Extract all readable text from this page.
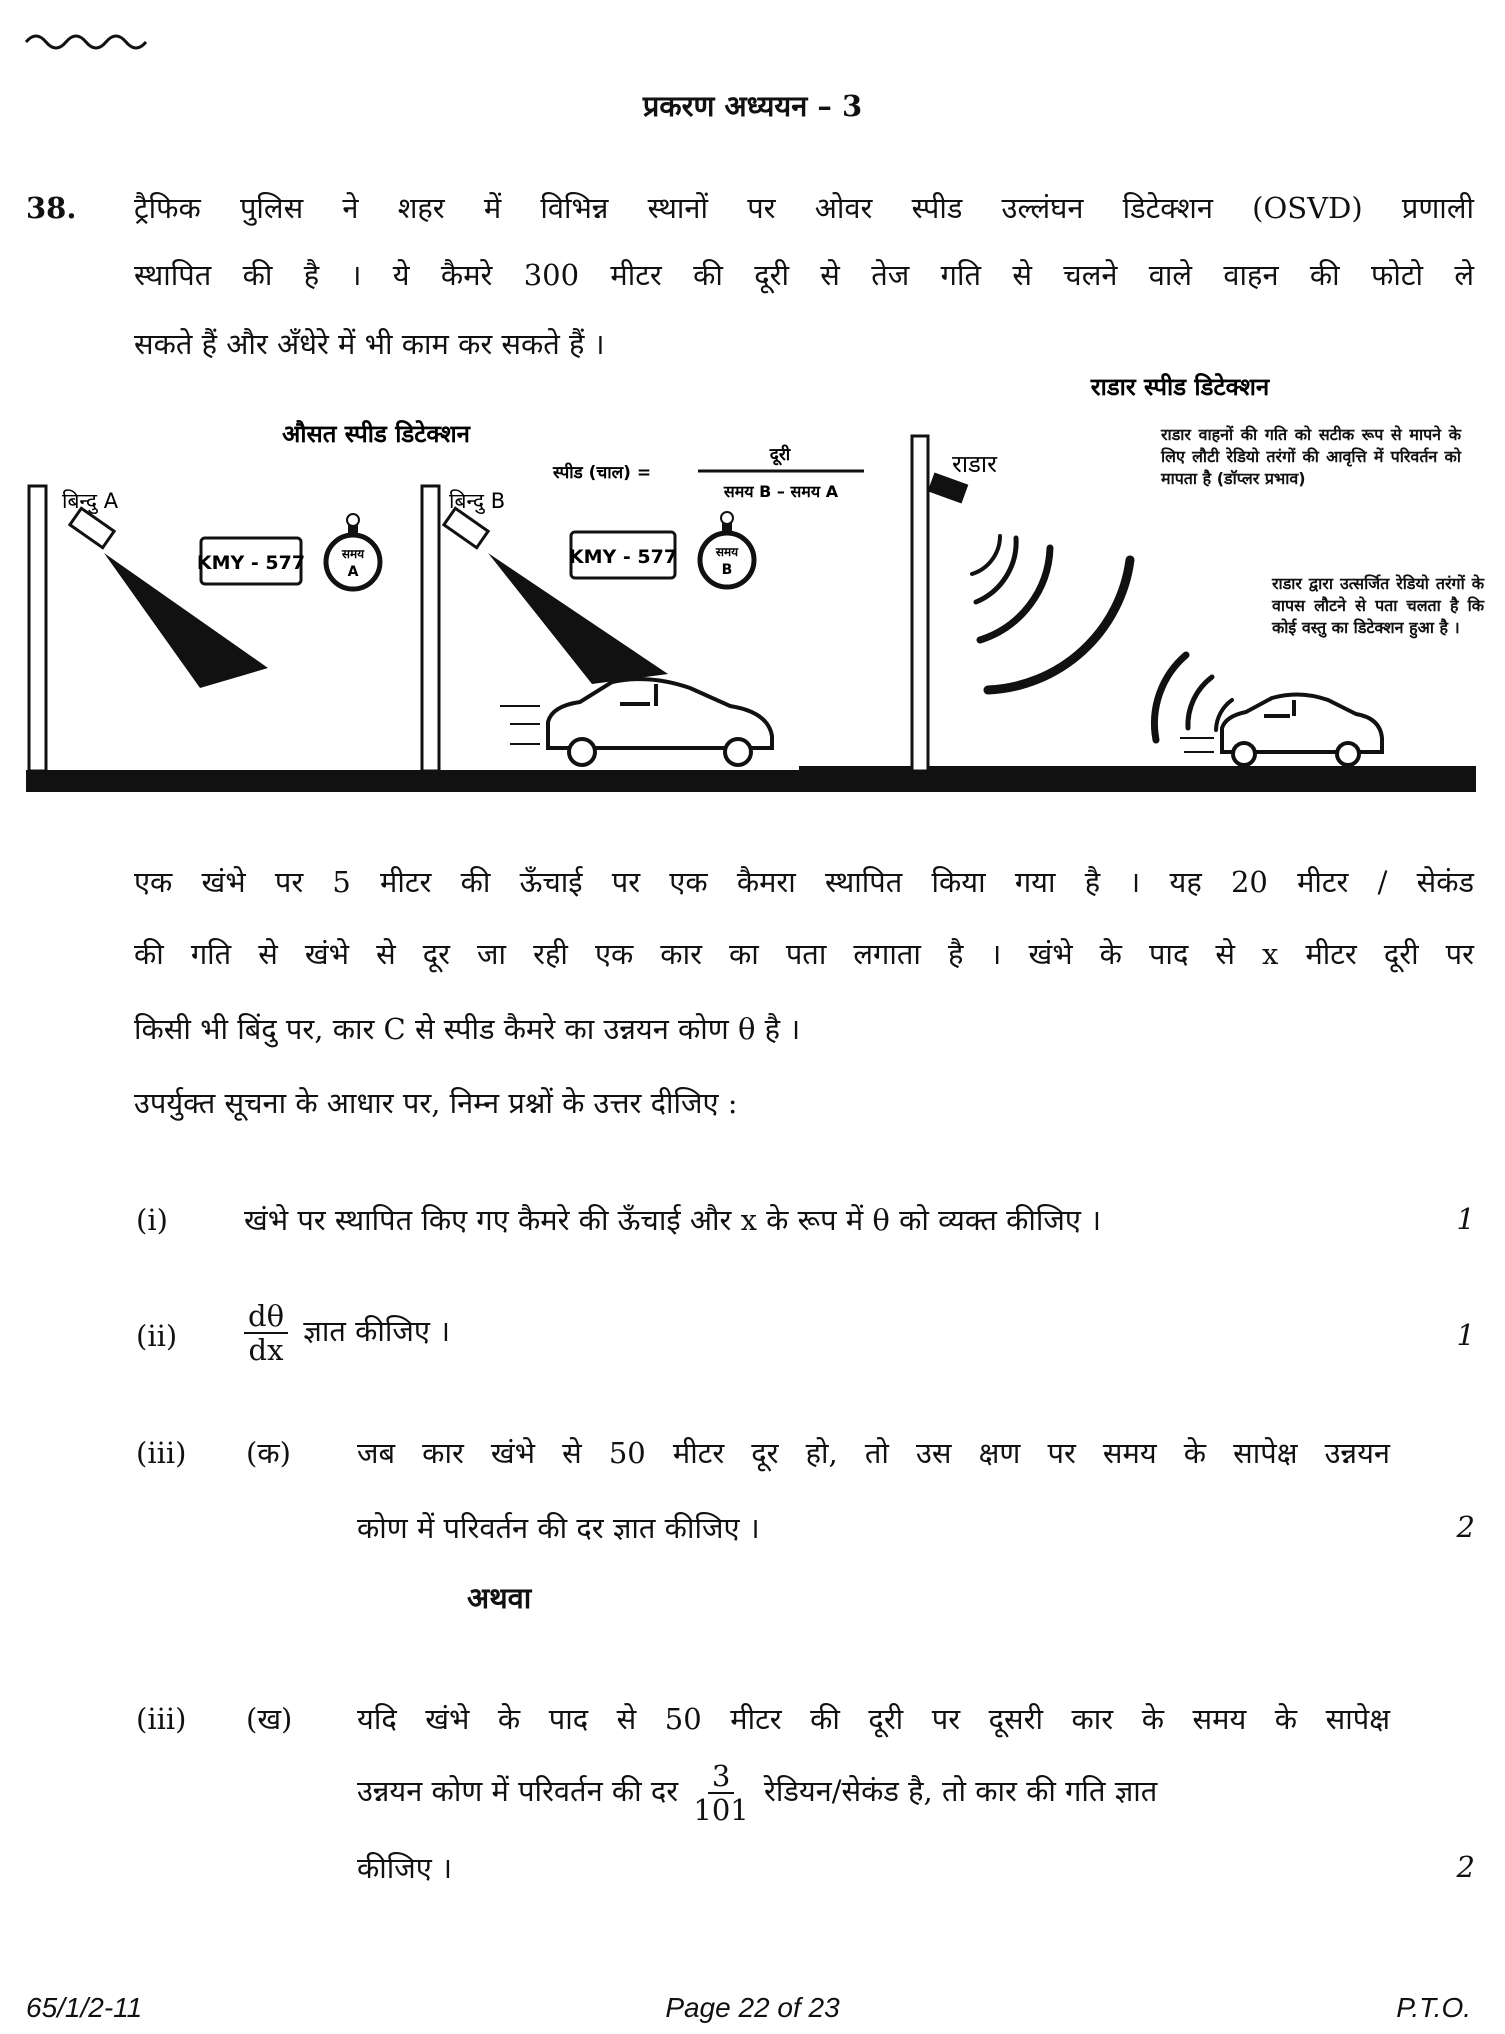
प्रकरण अध्ययन – 3
38. ट्रैफिक पुलिस ने शहर में विभिन्न स्थानों पर ओवर स्पीड उल्लंघन डिटेक्शन (OSVD) प्रणाली
स्थापित की है । ये कैमरे 300 मीटर की दूरी से तेज गति से चलने वाले वाहन की फोटो ले
सकते हैं और अँधेरे में भी काम कर सकते हैं ।
औसत स्पीड डिटेक्शन
बिन्दु A
KMY - 577	समय
A
बिन्दु B
KMY - 577	समय
B
स्पीड (चाल) =
दूरी
समय B – समय A
राडार स्पीड डिटेक्शन
राडार
राडार वाहनों की गति को सटीक रूप से मापने के लिए लौटी रेडियो तरंगों की आवृत्ति में परिवर्तन को मापता है (डॉप्लर प्रभाव)
राडार द्वारा उत्सर्जित रेडियो तरंगों के वापस लौटने से पता चलता है कि कोई वस्तु का डिटेक्शन हुआ है ।
एक खंभे पर 5 मीटर की ऊँचाई पर एक कैमरा स्थापित किया गया है । यह 20 मीटर / सेकंड
की गति से खंभे से दूर जा रही एक कार का पता लगाता है । खंभे के पाद से x मीटर दूरी पर
किसी भी बिंदु पर, कार C से स्पीड कैमरे का उन्नयन कोण θ है ।
उपर्युक्त सूचना के आधार पर, निम्न प्रश्नों के उत्तर दीजिए :
(i)	खंभे पर स्थापित किए गए कैमरे की ऊँचाई और x के रूप में θ को व्यक्त कीजिए ।	1
$(ii) \frac{d\theta}{dx}$ ज्ञात कीजिए ।	1
(iii) (क) जब कार खंभे से 50 मीटर दूर हो, तो उस क्षण पर समय के सापेक्ष उन्नयन
कोण में परिवर्तन की दर ज्ञात कीजिए ।	2
अथवा
(iii) (ख) यदि खंभे के पाद से 50 मीटर की दूरी पर दूसरी कार के समय के सापेक्ष
उन्नयन कोण में परिवर्तन की दर $\frac{3}{101}$ रेडियन/सेकंड है, तो कार की गति ज्ञात
कीजिए ।	2
65/1/2-11	Page 22 of 23	P.T.O.
